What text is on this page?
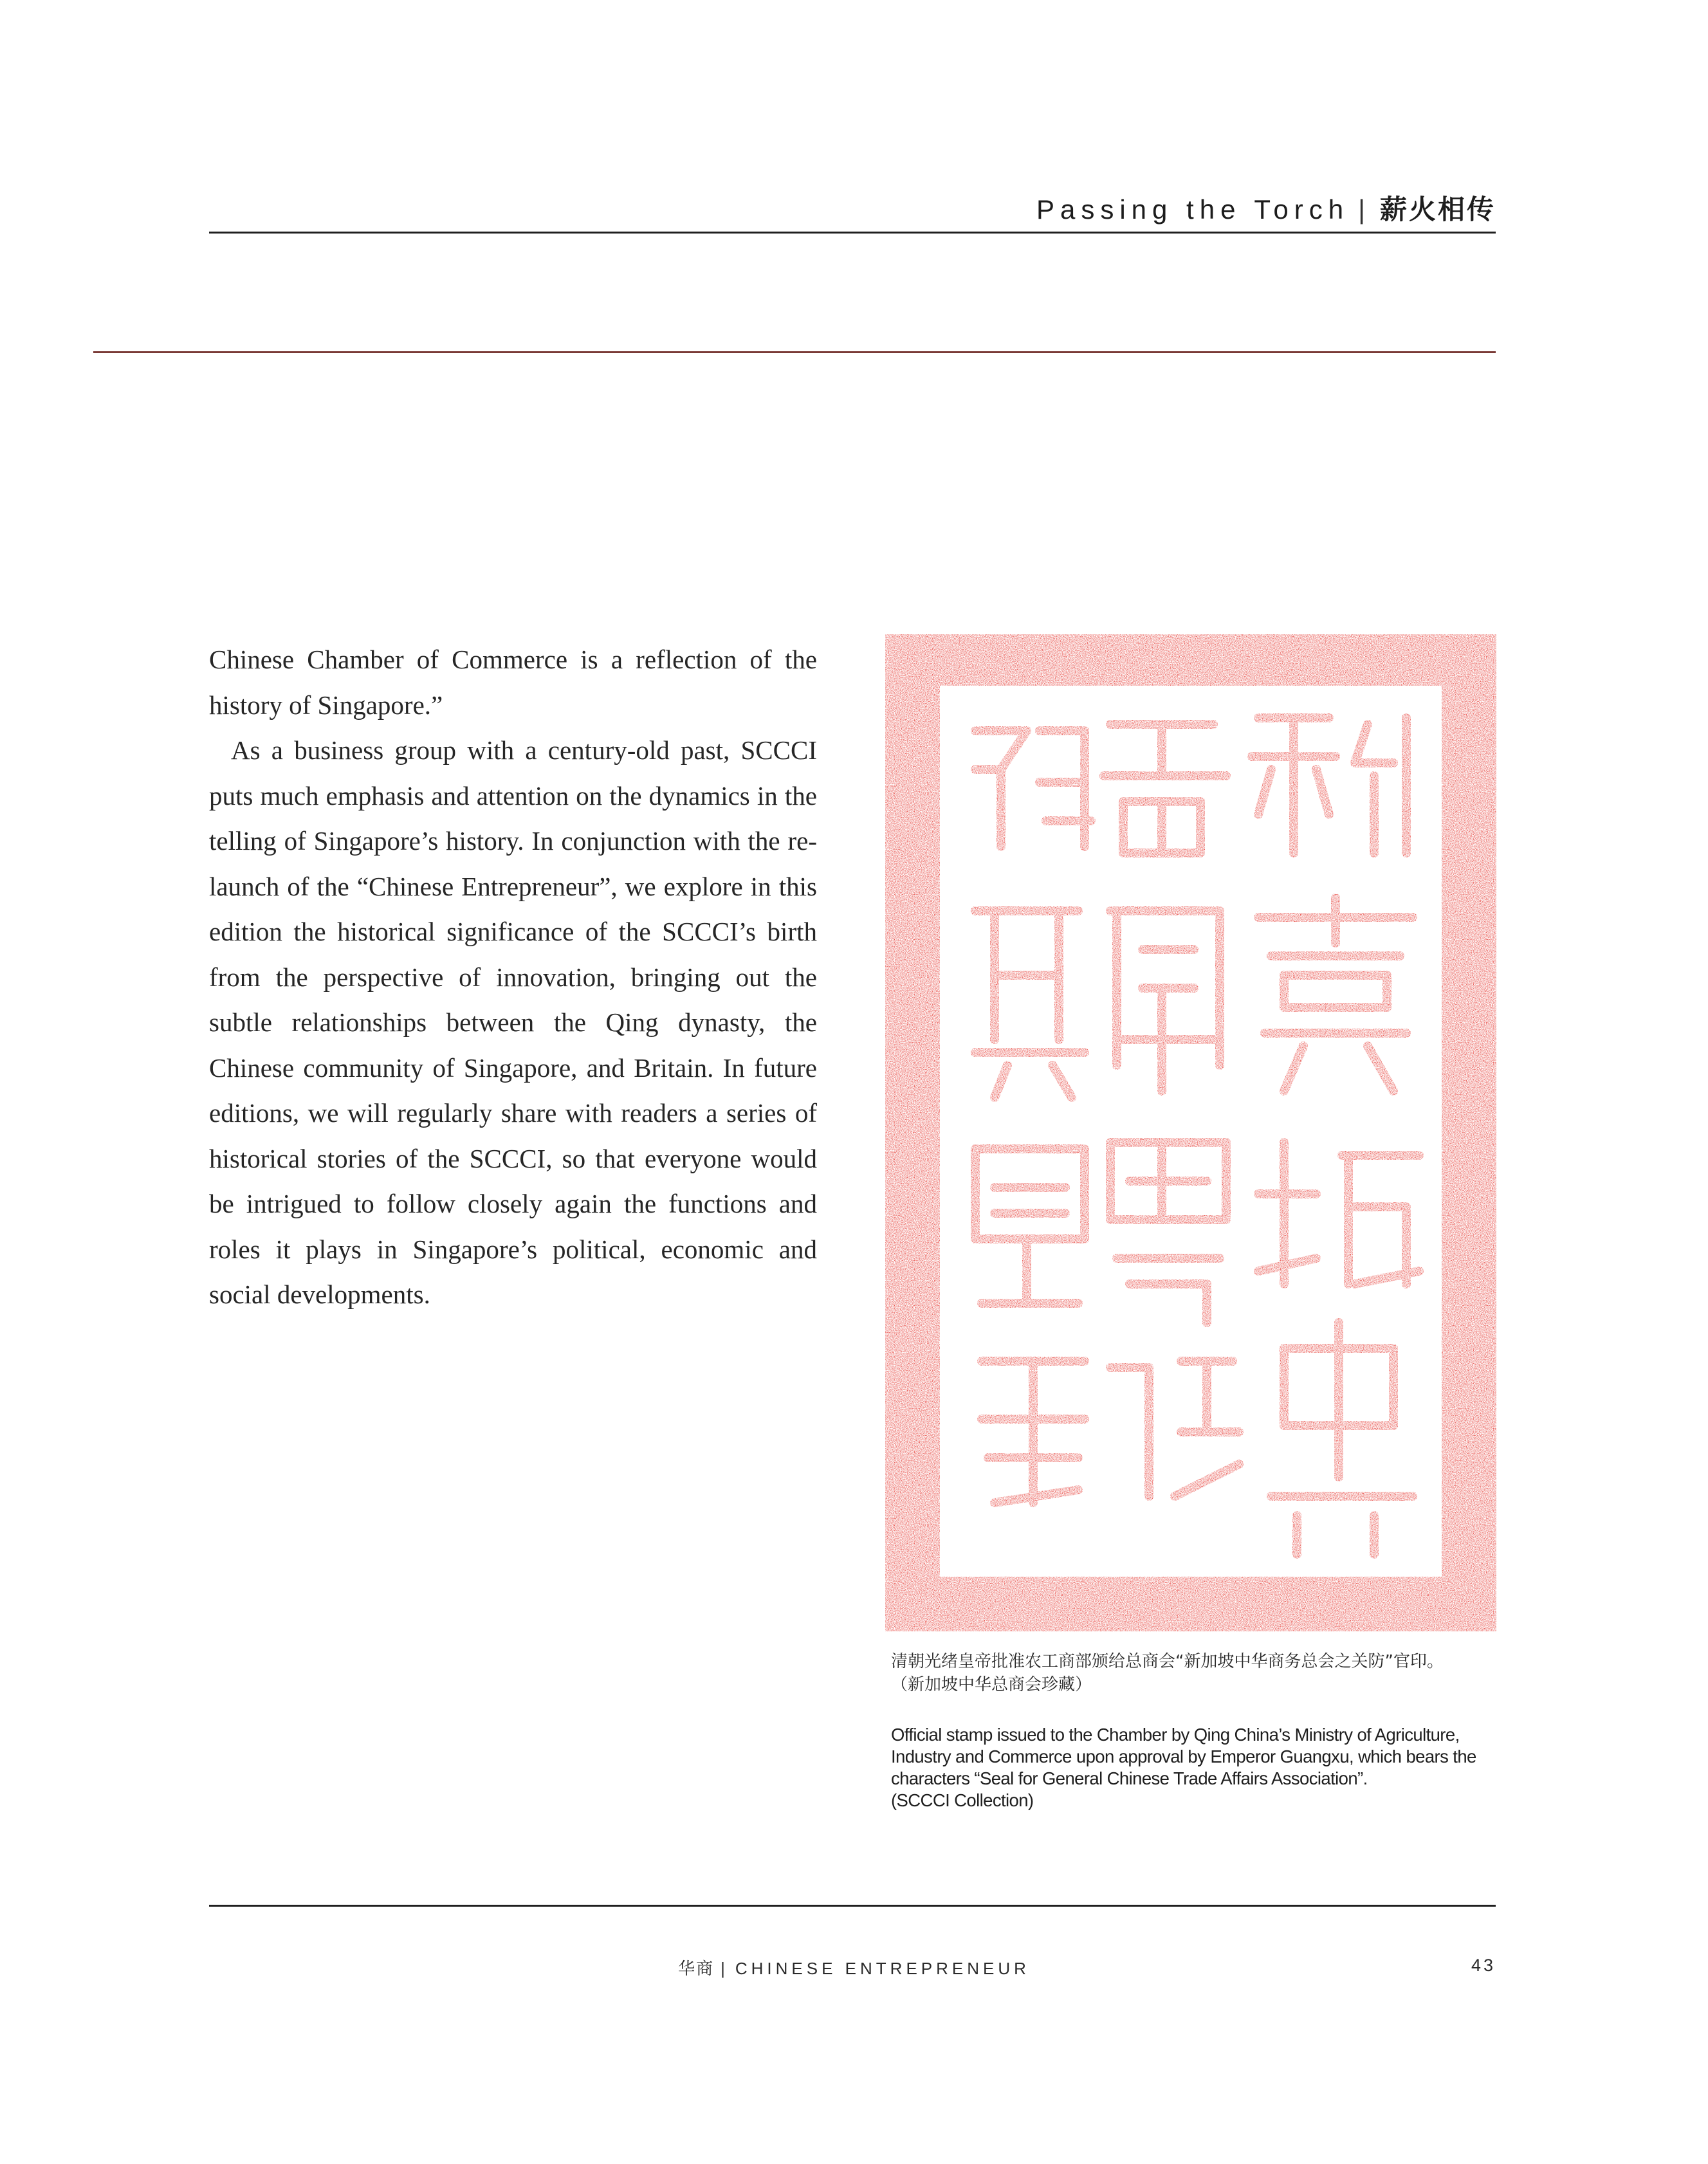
Passing the Torch | 薪火相传

Chinese Chamber of Commerce is a reflection of the history of Singapore.”

As a business group with a century-old past, SCCCI puts much emphasis and attention on the dynamics in the telling of Singapore’s history. In conjunction with the re-launch of the “Chinese Entrepreneur”, we explore in this edition the historical significance of the SCCCI’s birth from the perspective of innovation, bringing out the subtle relationships between the Qing dynasty, the Chinese community of Singapore, and Britain. In future editions, we will regularly share with readers a series of historical stories of the SCCCI, so that everyone would be intrigued to follow closely again the functions and roles it plays in Singapore’s political, economic and social developments.

清朝光绪皇帝批准农工商部颁给总商会“新加坡中华商务总会之关防”官印。
（新加坡中华总商会珍藏）
Official stamp issued to the Chamber by Qing China’s Ministry of Agriculture,
Industry and Commerce upon approval by Emperor Guangxu, which bears the
characters “Seal for General Chinese Trade Affairs Association”.
(SCCCI Collection)
华商 | CHINESE ENTREPRENEUR	43
